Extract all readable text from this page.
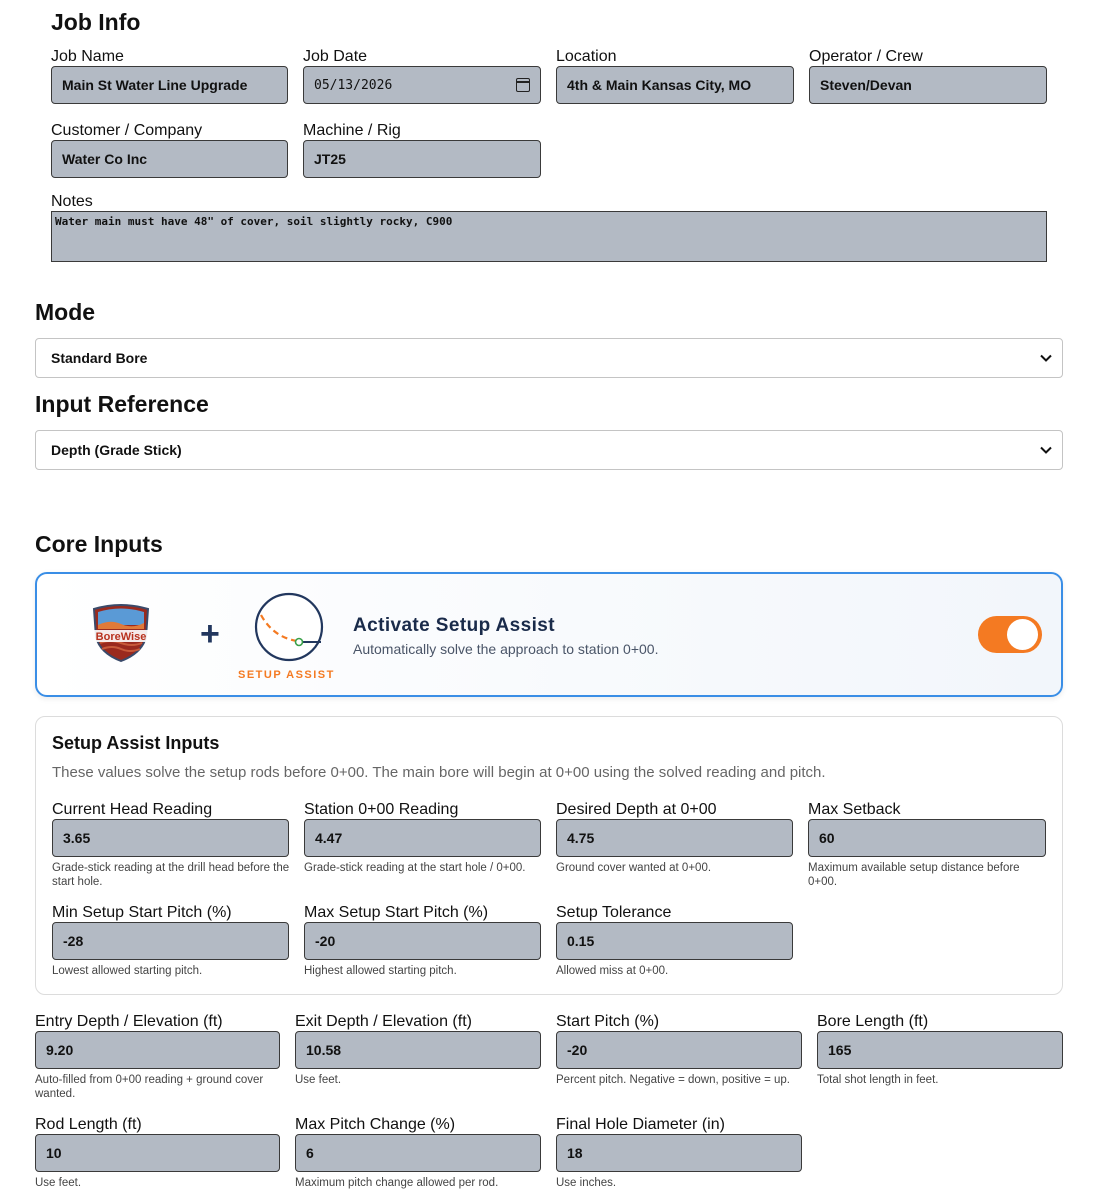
Job Info
Job Name
Main St Water Line Upgrade
Job Date
05/13/2026
Location
4th & Main Kansas City, MO
Operator / Crew
Steven/Devan
Customer / Company
Water Co Inc
Machine / Rig
JT25
Notes
Water main must have 48" of cover, soil slightly rocky, C900
Mode
Standard Bore
Input Reference
Depth (Grade Stick)
Core Inputs
BoreWise +
SETUP ASSIST
Activate Setup Assist
Automatically solve the approach to station 0+00.
Setup Assist Inputs
These values solve the setup rods before 0+00. The main bore will begin at 0+00 using the solved reading and pitch.
Current Head Reading
3.65
Grade-stick reading at the drill head before the start hole.
Station 0+00 Reading
4.47
Grade-stick reading at the start hole / 0+00.
Desired Depth at 0+00
4.75
Ground cover wanted at 0+00.
Max Setback
60
Maximum available setup distance before 0+00.
Min Setup Start Pitch (%)
-28
Lowest allowed starting pitch.
Max Setup Start Pitch (%)
-20
Highest allowed starting pitch.
Setup Tolerance
0.15
Allowed miss at 0+00.
Entry Depth / Elevation (ft)
9.20
Auto-filled from 0+00 reading + ground cover wanted.
Exit Depth / Elevation (ft)
10.58
Use feet.
Start Pitch (%)
-20
Percent pitch. Negative = down, positive = up.
Bore Length (ft)
165
Total shot length in feet.
Rod Length (ft)
10
Use feet.
Max Pitch Change (%)
6
Maximum pitch change allowed per rod.
Final Hole Diameter (in)
18
Use inches.
